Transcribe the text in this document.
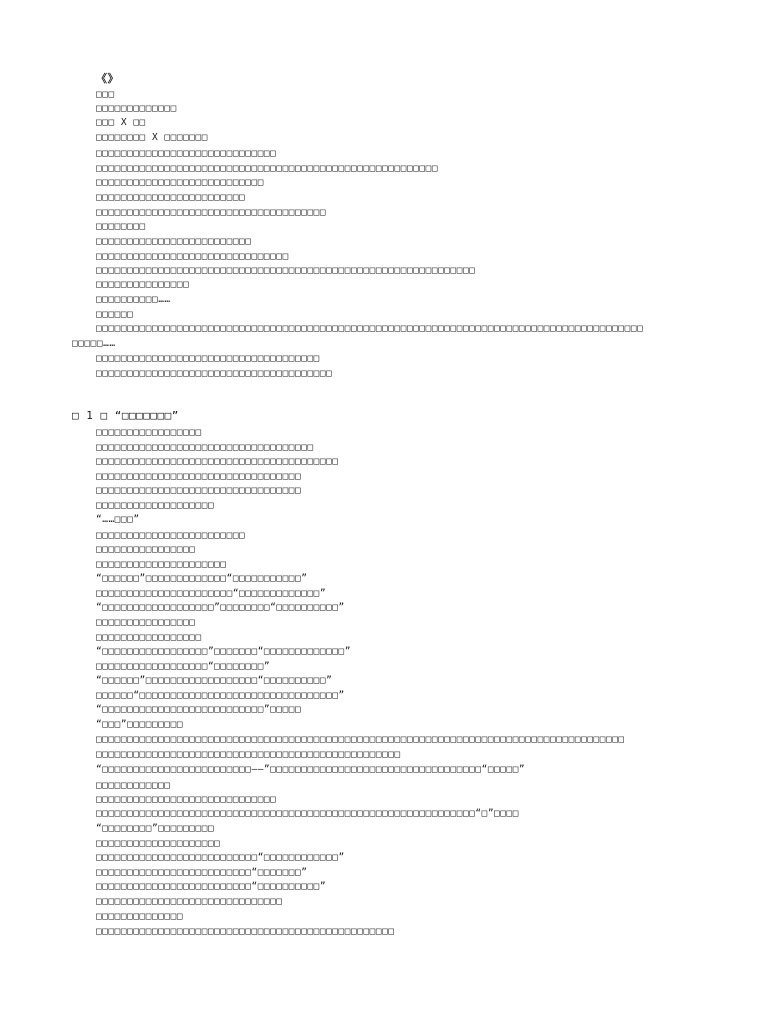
《》
□□□
□□□□□□□□□□□□□
□□□ X □□
□□□□□□□□ X □□□□□□□
□□□□□□□□□□□□□□□□□□□□□□□□□□□□□
□□□□□□□□□□□□□□□□□□□□□□□□□□□□□□□□□□□□□□□□□□□□□□□□□□□□□□□
□□□□□□□□□□□□□□□□□□□□□□□□□□□
□□□□□□□□□□□□□□□□□□□□□□□□
□□□□□□□□□□□□□□□□□□□□□□□□□□□□□□□□□□□□□
□□□□□□□□
□□□□□□□□□□□□□□□□□□□□□□□□□
□□□□□□□□□□□□□□□□□□□□□□□□□□□□□□□
□□□□□□□□□□□□□□□□□□□□□□□□□□□□□□□□□□□□□□□□□□□□□□□□□□□□□□□□□□□□□
□□□□□□□□□□□□□□□
□□□□□□□□□□……
□□□□□□
□□□□□□□□□□□□□□□□□□□□□□□□□□□□□□□□□□□□□□□□□□□□□□□□□□□□□□□□□□□□□□□□□□□□□□□□□□□□□□□□□□□□□□□□
□□□□□……
□□□□□□□□□□□□□□□□□□□□□□□□□□□□□□□□□□□□
□□□□□□□□□□□□□□□□□□□□□□□□□□□□□□□□□□□□□□
□ 1 □ “□□□□□□□”
□□□□□□□□□□□□□□□□□
□□□□□□□□□□□□□□□□□□□□□□□□□□□□□□□□□□□
□□□□□□□□□□□□□□□□□□□□□□□□□□□□□□□□□□□□□□□
□□□□□□□□□□□□□□□□□□□□□□□□□□□□□□□□□
□□□□□□□□□□□□□□□□□□□□□□□□□□□□□□□□□
□□□□□□□□□□□□□□□□□□□
“……□□□”
□□□□□□□□□□□□□□□□□□□□□□□□
□□□□□□□□□□□□□□□□
□□□□□□□□□□□□□□□□□□□□□
“□□□□□□”□□□□□□□□□□□□□“□□□□□□□□□□□”
□□□□□□□□□□□□□□□□□□□□□□“□□□□□□□□□□□□□”
“□□□□□□□□□□□□□□□□□□”□□□□□□□□“□□□□□□□□□□”
□□□□□□□□□□□□□□□□
□□□□□□□□□□□□□□□□□
“□□□□□□□□□□□□□□□□□”□□□□□□□“□□□□□□□□□□□□□”
□□□□□□□□□□□□□□□□□□“□□□□□□□□”
“□□□□□□”□□□□□□□□□□□□□□□□□□“□□□□□□□□□□”
□□□□□□“□□□□□□□□□□□□□□□□□□□□□□□□□□□□□□□□”
“□□□□□□□□□□□□□□□□□□□□□□□□□□”□□□□□
“□□□”□□□□□□□□□
□□□□□□□□□□□□□□□□□□□□□□□□□□□□□□□□□□□□□□□□□□□□□□□□□□□□□□□□□□□□□□□□□□□□□□□□□□□□□□□□□□□□□
□□□□□□□□□□□□□□□□□□□□□□□□□□□□□□□□□□□□□□□□□□□□□□□□□
“□□□□□□□□□□□□□□□□□□□□□□□□——”□□□□□□□□□□□□□□□□□□□□□□□□□□□□□□□□□□“□□□□□”
□□□□□□□□□□□□
□□□□□□□□□□□□□□□□□□□□□□□□□□□□□
□□□□□□□□□□□□□□□□□□□□□□□□□□□□□□□□□□□□□□□□□□□□□□□□□□□□□□□□□□□□□“□”□□□□
“□□□□□□□□”□□□□□□□□□
□□□□□□□□□□□□□□□□□□□□
□□□□□□□□□□□□□□□□□□□□□□□□□□“□□□□□□□□□□□□”
□□□□□□□□□□□□□□□□□□□□□□□□□“□□□□□□□”
□□□□□□□□□□□□□□□□□□□□□□□□□“□□□□□□□□□□”
□□□□□□□□□□□□□□□□□□□□□□□□□□□□□□
□□□□□□□□□□□□□□
□□□□□□□□□□□□□□□□□□□□□□□□□□□□□□□□□□□□□□□□□□□□□□□□
